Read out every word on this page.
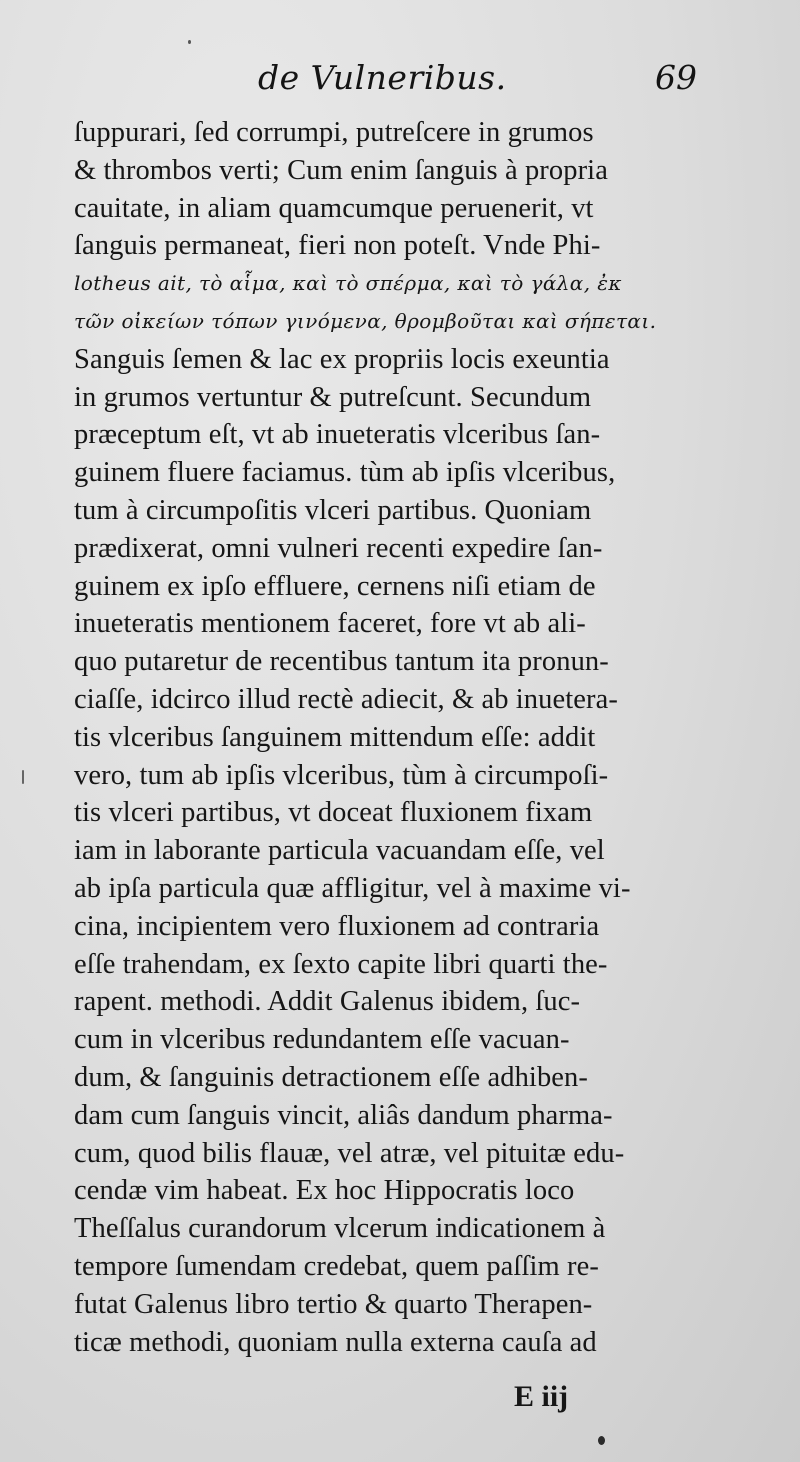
de Vulneribus.	69
ſuppurari, ſed corrumpi, putreſcere in grumos
& thrombos verti; Cum enim ſanguis à propria
cauitate, in aliam quamcumque peruenerit, vt
ſanguis permaneat, fieri non poteſt. Vnde Phi-
lotheus ait, τὸ αἷμα, καὶ τὸ σπέρμα, καὶ τὸ γάλα, ἐκ
τῶν οἰκείων τόπων γινόμενα, θρομβοῦται καὶ σήπεται.
Sanguis ſemen & lac ex propriis locis exeuntia
in grumos vertuntur & putreſcunt. Secundum
præceptum eſt, vt ab inueteratis vlceribus ſan-
guinem fluere faciamus. tùm ab ipſis vlceribus,
tum à circumpoſitis vlceri partibus. Quoniam
prædixerat, omni vulneri recenti expedire ſan-
guinem ex ipſo effluere, cernens niſi etiam de
inueteratis mentionem faceret, fore vt ab ali-
quo putaretur de recentibus tantum ita pronun-
ciaſſe, idcirco illud rectè adiecit, & ab inuetera-
tis vlceribus ſanguinem mittendum eſſe: addit
vero, tum ab ipſis vlceribus, tùm à circumpoſi-
tis vlceri partibus, vt doceat fluxionem fixam
iam in laborante particula vacuandam eſſe, vel
ab ipſa particula quæ affligitur, vel à maxime vi-
cina, incipientem vero fluxionem ad contraria
eſſe trahendam, ex ſexto capite libri quarti the-
rapent. methodi. Addit Galenus ibidem, ſuc-
cum in vlceribus redundantem eſſe vacuan-
dum, & ſanguinis detractionem eſſe adhiben-
dam cum ſanguis vincit, aliâs dandum pharma-
cum, quod bilis flauæ, vel atræ, vel pituitæ edu-
cendæ vim habeat. Ex hoc Hippocratis loco
Theſſalus curandorum vlcerum indicationem à
tempore ſumendam credebat, quem paſſim re-
futat Galenus libro tertio & quarto Therapen-
ticæ methodi, quoniam nulla externa cauſa ad
E iij
